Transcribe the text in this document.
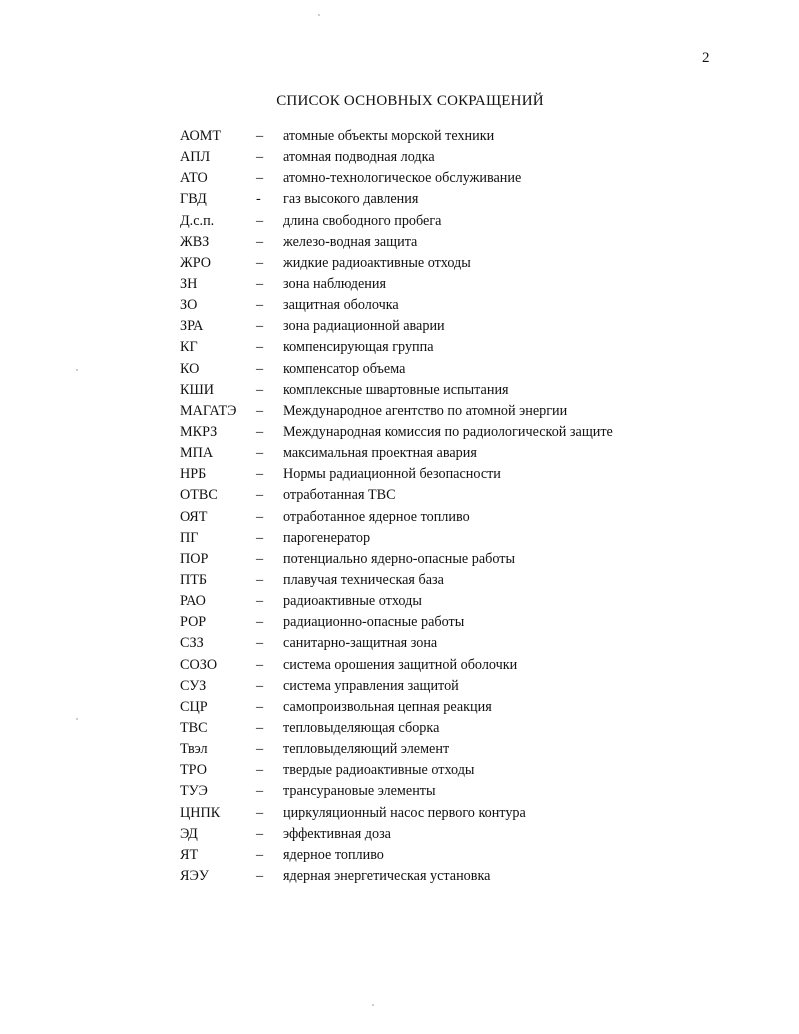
2
СПИСОК ОСНОВНЫХ СОКРАЩЕНИЙ
АОМТ – атомные объекты морской техники
АПЛ	– атомная подводная лодка
АТО	– атомно-технологическое обслуживание
ГВД	- газ высокого давления
Д.с.п.	– длина свободного пробега
ЖВЗ	– железо-водная защита
ЖРО	– жидкие радиоактивные отходы
ЗН	– зона наблюдения
ЗО	– защитная оболочка
ЗРА	– зона радиационной аварии
КГ	– компенсирующая группа
КО	– компенсатор объема
КШИ	– комплексные швартовные испытания
МАГАТЭ – Международное агентство по атомной энергии
МКРЗ	– Международная комиссия по радиологической защите
МПА	– максимальная проектная авария
НРБ	– Нормы радиационной безопасности
ОТВС	– отработанная ТВС
ОЯТ	– отработанное ядерное топливо
ПГ	– парогенератор
ПОР	– потенциально ядерно-опасные работы
ПТБ	– плавучая техническая база
РАО	– радиоактивные отходы
РОР	– радиационно-опасные работы
СЗЗ	– санитарно-защитная зона
СОЗО	– система орошения защитной оболочки
СУЗ	– система управления защитой
СЦР	– самопроизвольная цепная реакция
ТВС	– тепловыделяющая сборка
Твэл	– тепловыделяющий элемент
ТРО	– твердые радиоактивные отходы
ТУЭ	– трансурановые элементы
ЦНПК	– циркуляционный насос первого контура
ЭД	– эффективная доза
ЯТ	– ядерное топливо
ЯЭУ	– ядерная энергетическая установка
